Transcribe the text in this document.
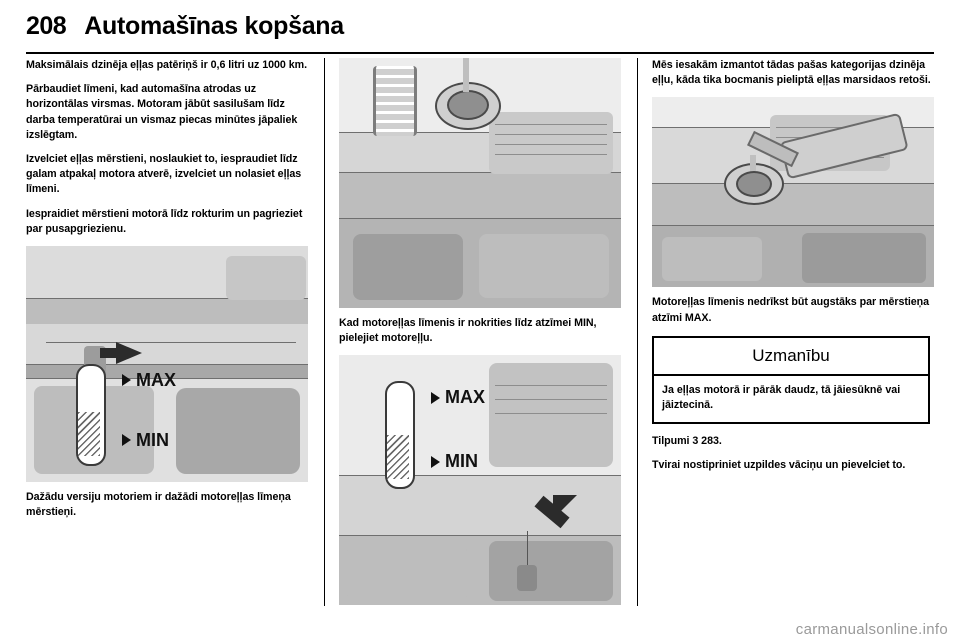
208 Automašīnas kopšana

Maksimālais dzinēja eļļas patēriņš ir 0,6 litri uz 1000 km.

Pārbaudiet līmeni, kad automašīna atrodas uz horizontālas virsmas. Motoram jābūt sasilušam līdz darba temperatūrai un vismaz piecas minūtes jāpaliek izslēgtam.

Izvelciet eļļas mērstieni, noslaukiet to, iespraudiet līdz galam atpakaļ motora atverē, izvelciet un nolasiet eļļas līmeni.

Iespraidiet mērstieni motorā līdz rokturim un pagrieziet par pusapgriezienu.

MAX
MIN

Dažādu versiju motoriem ir dažādi motoreļļas līmeņa mērstieņi.

Kad motoreļļas līmenis ir nokrities līdz atzīmei MIN, pielejiet motoreļļu.

MAX
MIN

Mēs iesakām izmantot tādas pašas kategorijas dzinēja eļļu, kāda tika bocmanis pieliptā eļļas marsidaos retoši.

Motoreļļas līmenis nedrīkst būt augstāks par mērstieņa atzīmi MAX.

Uzmanību
Ja eļļas motorā ir pārāk daudz, tā jāiesūknē vai jāiztecinā.

Tilpumi 3 283.

Tvirai nostipriniet uzpildes vāciņu un pievelciet to.

carmanualsonline.info
